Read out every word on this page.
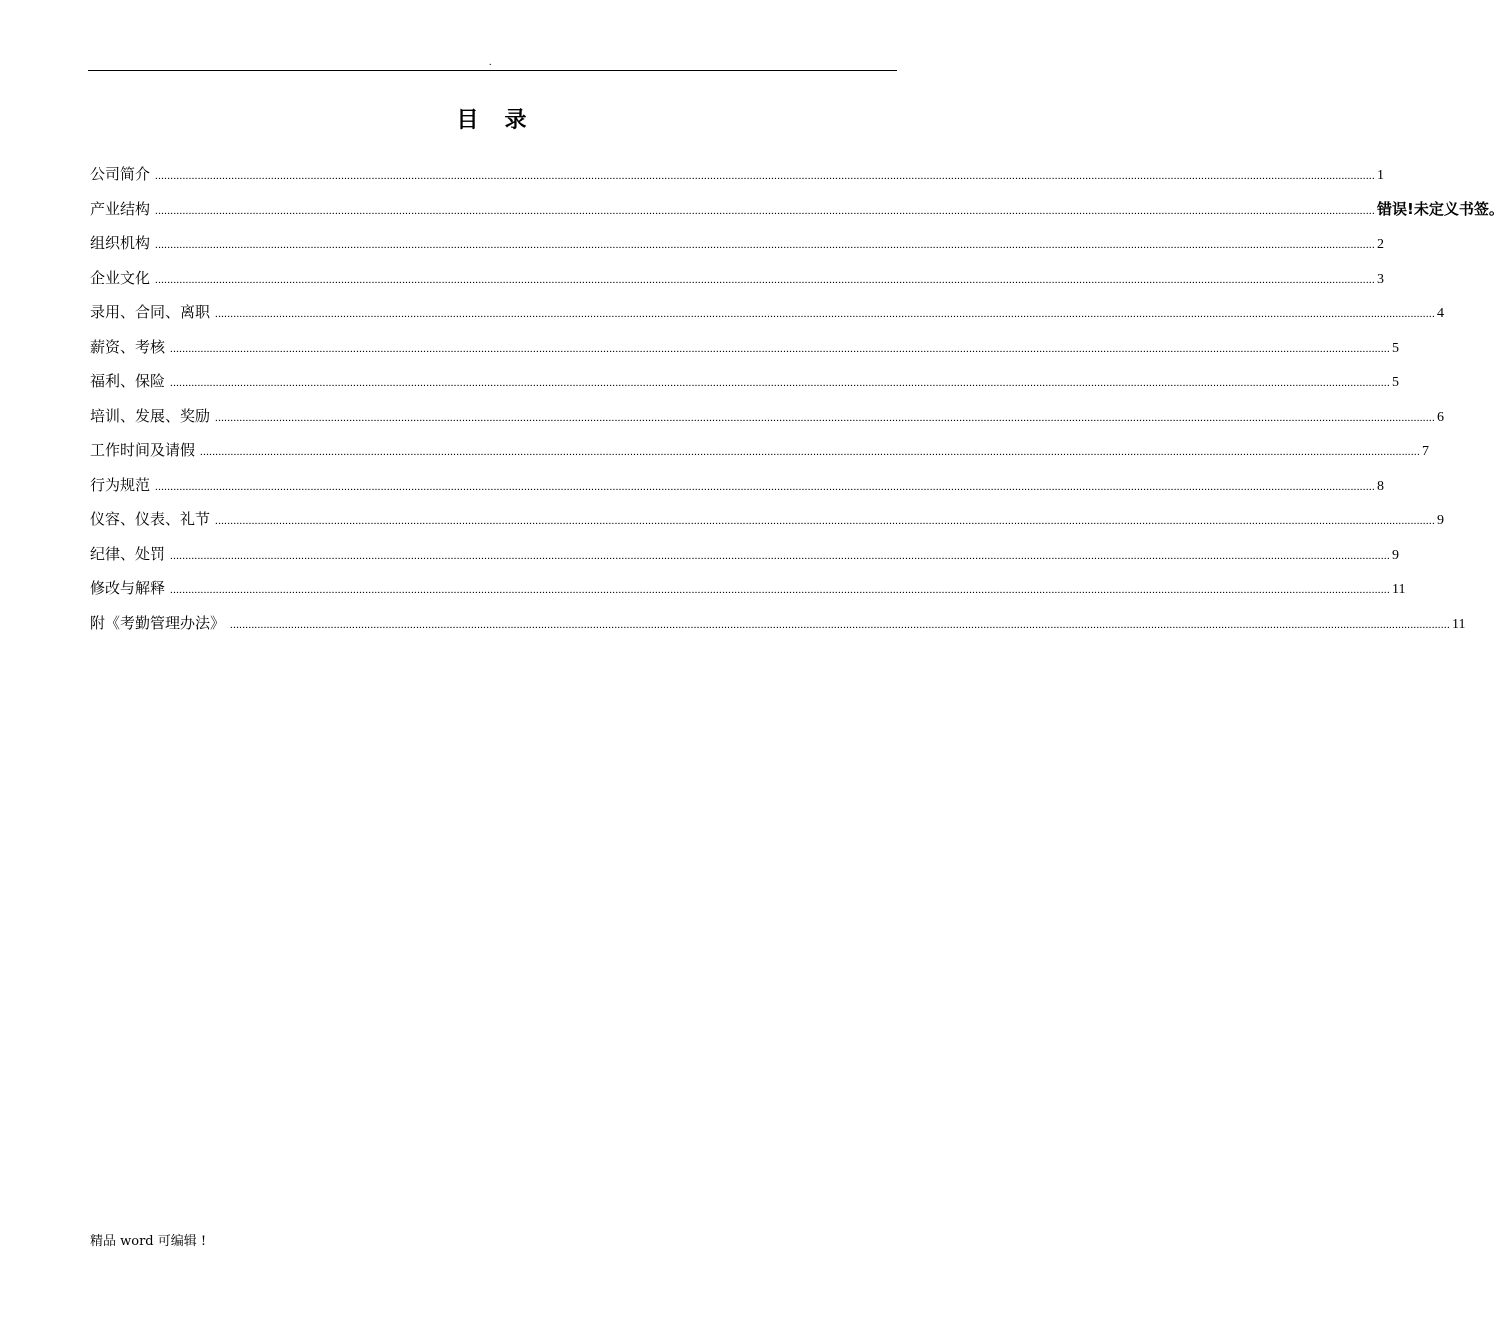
.
目　录
公司简介 ................................................................................................................................................................................................................................................................................................................................................................................................................ 1
产业结构 ................................................................................................................................................................................................................................................................................................................................................................................................................ 错误!未定义书签。
组织机构 ................................................................................................................................................................................................................................................................................................................................................................................................................ 2
企业文化 ................................................................................................................................................................................................................................................................................................................................................................................................................ 3
录用、合同、离职 ................................................................................................................................................................................................................................................................................................................................................................................................................ 4
薪资、考核 ................................................................................................................................................................................................................................................................................................................................................................................................................ 5
福利、保险 ................................................................................................................................................................................................................................................................................................................................................................................................................ 5
培训、发展、奖励 ................................................................................................................................................................................................................................................................................................................................................................................................................ 6
工作时间及请假 ................................................................................................................................................................................................................................................................................................................................................................................................................ 7
行为规范 ................................................................................................................................................................................................................................................................................................................................................................................................................ 8
仪容、仪表、礼节 ................................................................................................................................................................................................................................................................................................................................................................................................................ 9
纪律、处罚 ................................................................................................................................................................................................................................................................................................................................................................................................................ 9
修改与解释 ................................................................................................................................................................................................................................................................................................................................................................................................................ 11
附《考勤管理办法》 ................................................................................................................................................................................................................................................................................................................................................................................................................ 11
精品 word 可编辑 !
